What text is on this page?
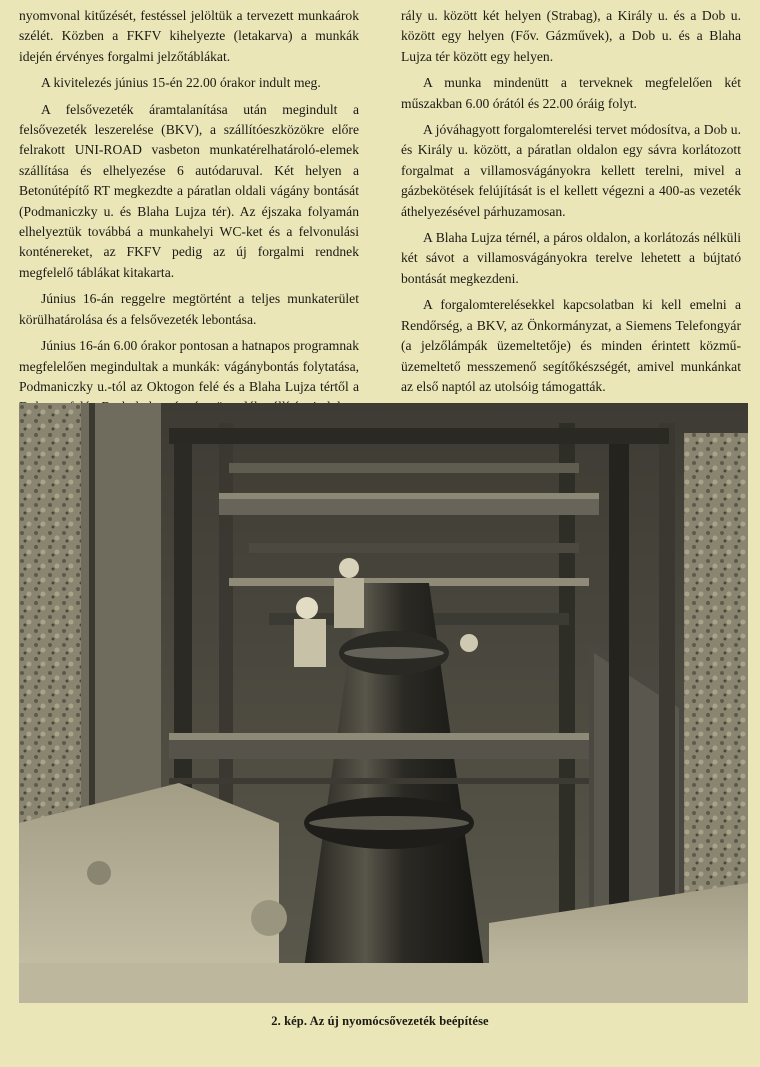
nyomvonal kitűzését, festéssel jelöltük a tervezett munkaárok szélét. Közben a FKFV kihelyezte (letakarva) a munkák idején érvényes forgalmi jelzőtáblákat.

A kivitelezés június 15-én 22.00 órakor indult meg.

A felsővezeték áramtalanítása után megindult a felsővezeték leszerelése (BKV), a szállítóeszközökre előre felrakott UNI-ROAD vasbeton munkatérelhatároló-elemek szállítása és elhelyezése 6 autódaruval. Két helyen a Betonútépítő RT megkezdte a páratlan oldali vágány bontását (Podmaniczky u. és Blaha Lujza tér). Az éjszaka folyamán elhelyeztük továbbá a munkahelyi WC-ket és a felvonulási konténereket, az FKFV pedig az új forgalmi rendnek megfelelő táblákat kitakarta.

Június 16-án reggelre megtörtént a teljes munkaterület körülhatárolása és a felsővezeték lebontása.

Június 16-án 6.00 órakor pontosan a hatnapos programnak megfelelően megindultak a munkák: vágánybontás folytatása, Podmaniczky u.-tól az Oktogon felé és a Blaha Lujza tértől a

rály u. között két helyen (Strabag), a Király u. és a Dob u. között egy helyen (Főv. Gázművek), a Dob u. és a Blaha Lujza tér között egy helyen.

A munka mindenütt a terveknek megfelelően két műszakban 6.00 órától és 22.00 óráig folyt.

A jóváhagyott forgalomterelési tervet módosítva, a Dob u. és Király u. között, a páratlan oldalon egy sávra korlátozott forgalmat a villamosvágányokra kellett terelni, mivel a gázbekötések felújítását is el kellett végezni a 400-as vezeték áthelyezésével párhuzamosan.

A Blaha Lujza térnél, a páros oldalon, a korlátozás nélküli két sávot a villamosvágányokra terelve lehetett a bújtató bontását megkezdeni.

A forgalomterelésekkel kapcsolatban ki kell emelni a Rendőrség, a BKV, az Önkormányzat, a Siemens Telefongyár (a jelzőlámpák üzemeltetője) és minden érintett közmű-üzemeltető messzemenő segítőkészségét, amivel munkánkat az első naptól az utolsóig támogatták.

2. kép. Az új nyomócsővezeték beépítése
